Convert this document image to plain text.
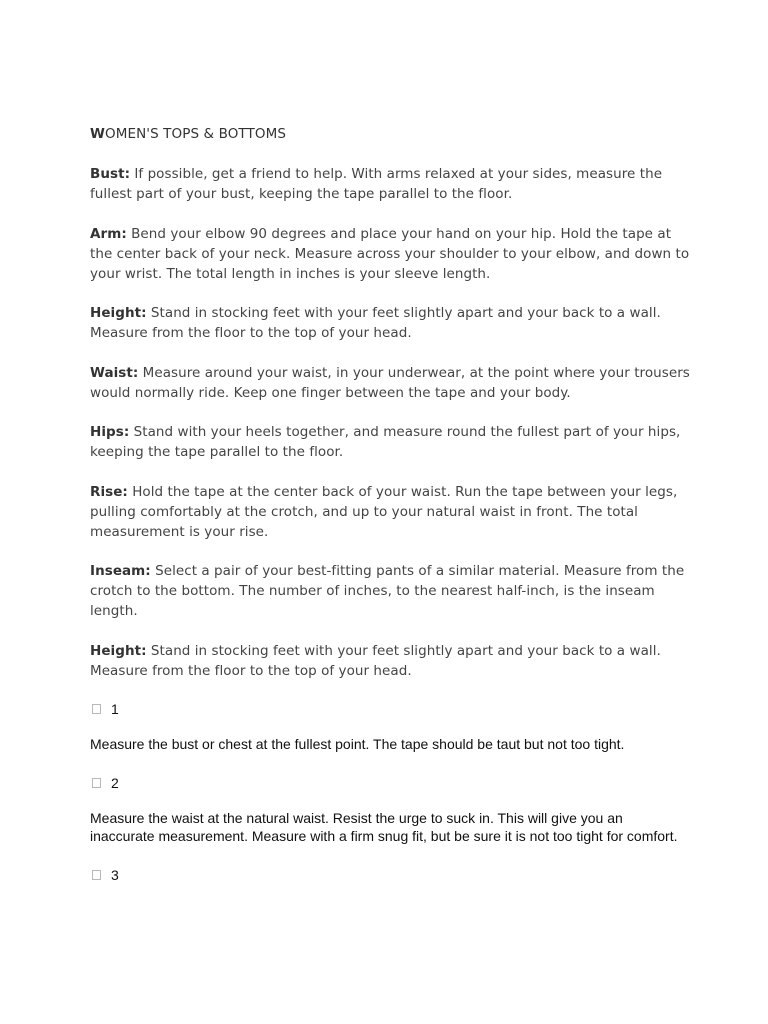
WOMEN'S TOPS & BOTTOMS
Bust: If possible, get a friend to help. With arms relaxed at your sides, measure the fullest part of your bust, keeping the tape parallel to the floor.
Arm: Bend your elbow 90 degrees and place your hand on your hip. Hold the tape at the center back of your neck. Measure across your shoulder to your elbow, and down to your wrist. The total length in inches is your sleeve length.
Height: Stand in stocking feet with your feet slightly apart and your back to a wall. Measure from the floor to the top of your head.
Waist: Measure around your waist, in your underwear, at the point where your trousers would normally ride. Keep one finger between the tape and your body.
Hips: Stand with your heels together, and measure round the fullest part of your hips, keeping the tape parallel to the floor.
Rise: Hold the tape at the center back of your waist. Run the tape between your legs, pulling comfortably at the crotch, and up to your natural waist in front. The total measurement is your rise.
Inseam: Select a pair of your best-fitting pants of a similar material. Measure from the crotch to the bottom. The number of inches, to the nearest half-inch, is the inseam length.
Height: Stand in stocking feet with your feet slightly apart and your back to a wall. Measure from the floor to the top of your head.
1
Measure the bust or chest at the fullest point. The tape should be taut but not too tight.
2
Measure the waist at the natural waist. Resist the urge to suck in. This will give you an inaccurate measurement. Measure with a firm snug fit, but be sure it is not too tight for comfort.
3
